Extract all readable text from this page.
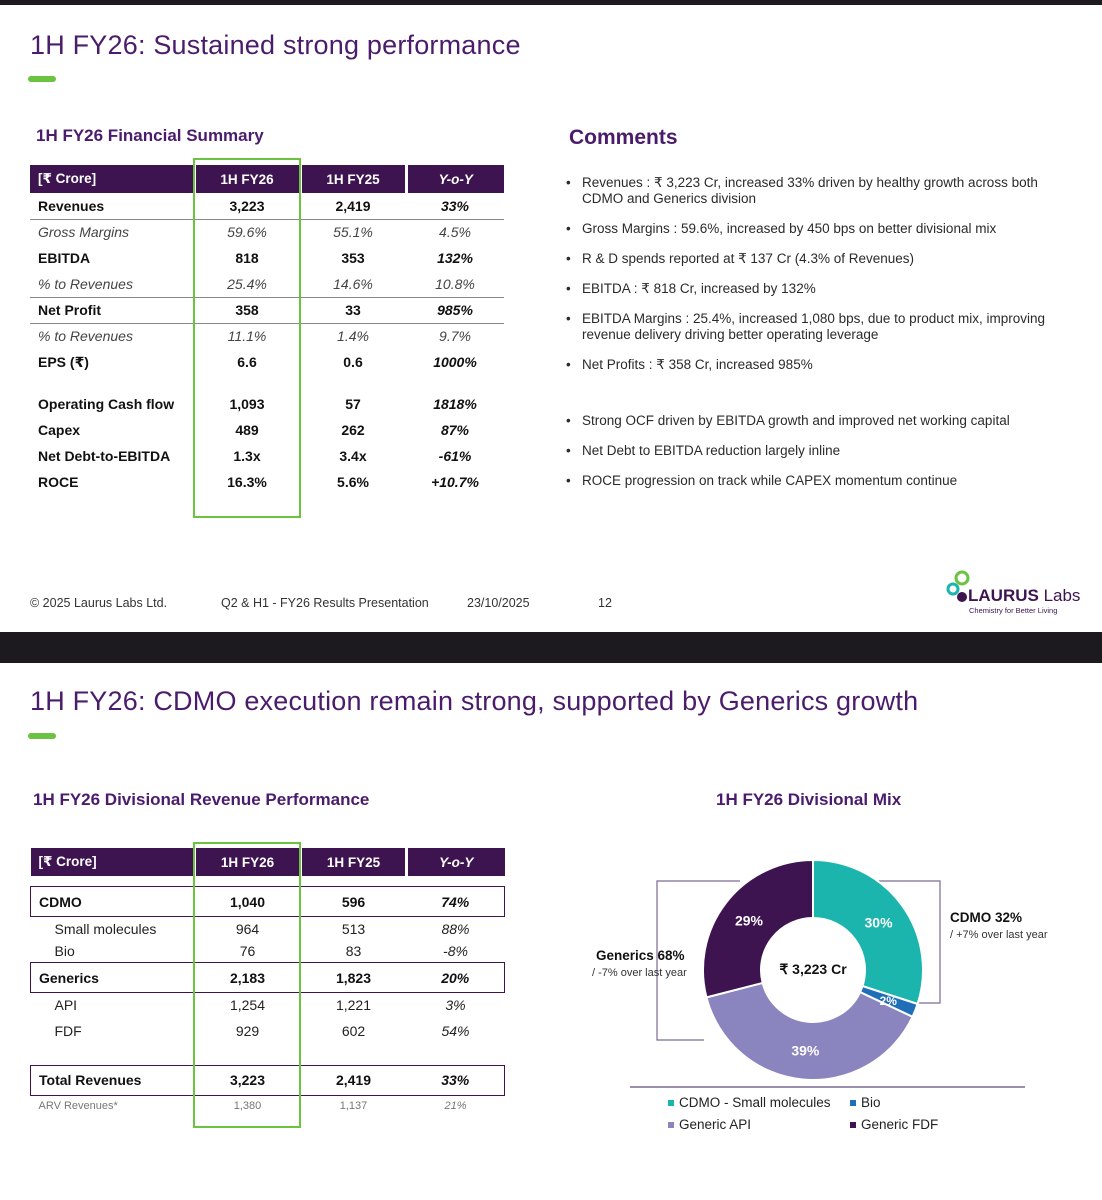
1H FY26: Sustained strong performance
1H FY26 Financial Summary
[₹ Crore]	1H FY26	1H FY25	Y-o-Y
Revenues	3,223	2,419	33%
Gross Margins	59.6%	55.1%	4.5%
EBITDA	818	353	132%
% to Revenues	25.4%	14.6%	10.8%
Net Profit	358	33	985%
% to Revenues	11.1%	1.4%	9.7%
EPS (₹)	6.6	0.6	1000%

Operating Cash flow	1,093	57	1818%
Capex	489	262	87%
Net Debt-to-EBITDA	1.3x	3.4x	-61%
ROCE	16.3%	5.6%	+10.7%
Comments
• Revenues : ₹ 3,223 Cr, increased 33% driven by healthy growth across both CDMO and Generics division
• Gross Margins : 59.6%, increased by 450 bps on better divisional mix
• R & D spends reported at ₹ 137 Cr (4.3% of Revenues)
• EBITDA : ₹ 818 Cr, increased by 132%
• EBITDA Margins : 25.4%, increased 1,080 bps, due to product mix, improving revenue delivery driving better operating leverage
• Net Profits : ₹ 358 Cr, increased 985%
• Strong OCF driven by EBITDA growth and improved net working capital
• Net Debt to EBITDA reduction largely inline
• ROCE progression on track while CAPEX momentum continue
© 2025 Laurus Labs Ltd.	Q2 & H1 - FY26 Results Presentation	23/10/2025	12	LAURUS Labs
Chemistry for Better Living
1H FY26: CDMO execution remain strong, supported by Generics growth
1H FY26 Divisional Revenue Performance	1H FY26 Divisional Mix
[₹ Crore]	1H FY26	1H FY25	Y-o-Y

CDMO	1,040	596	74%
Small molecules	964	513	88%
Bio	76	83	-8%
Generics	2,183	1,823	20%
API	1,254	1,221	3%
FDF	929	602	54%

Total Revenues	3,223	2,419	33%
ARV Revenues*	1,380	1,137	21%
30%
2%
39%
29%
₹ 3,223 Cr
CDMO 32%
/ +7% over last year
Generics 68%
/ -7% over last year
CDMO - Small molecules	Bio
Generic API	Generic FDF
